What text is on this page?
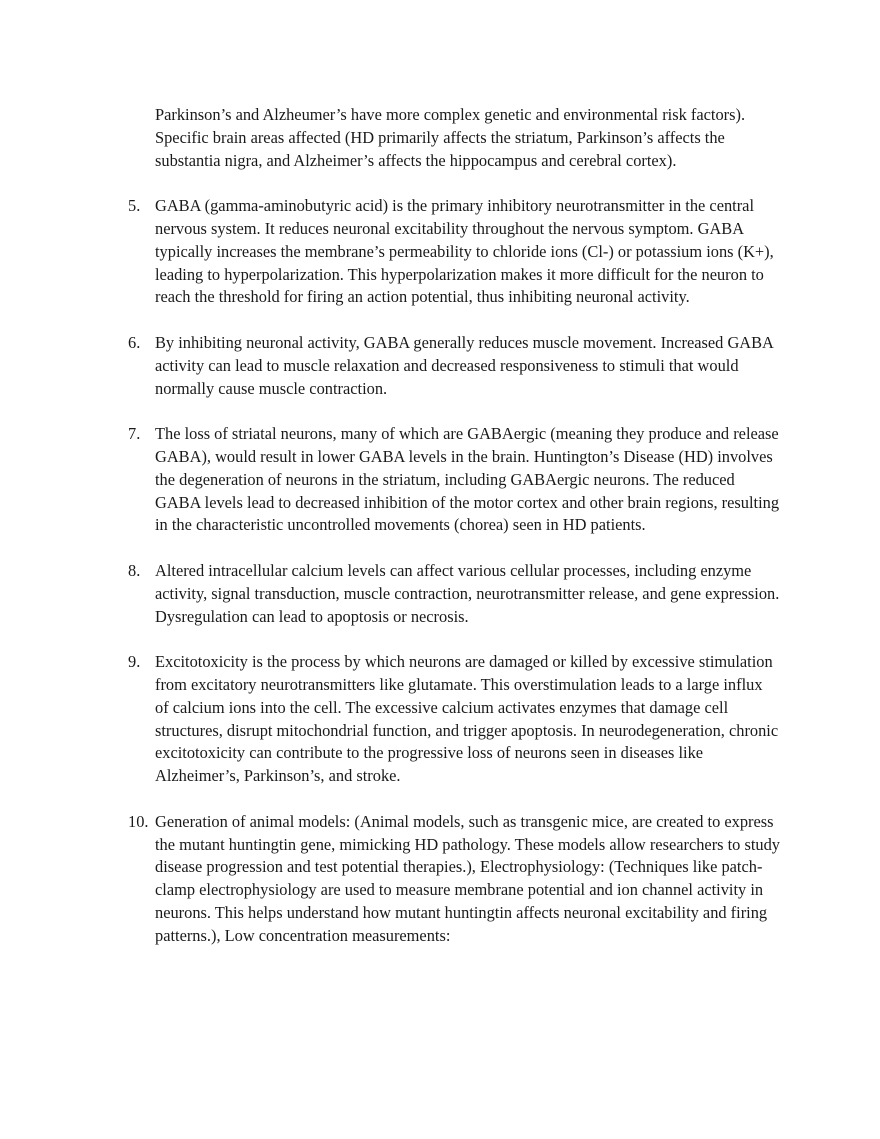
Parkinson’s and Alzheumer’s have more complex genetic and environmental risk factors). Specific brain areas affected (HD primarily affects the striatum, Parkinson’s affects the substantia nigra, and Alzheimer’s affects the hippocampus and cerebral cortex).

5. GABA (gamma-aminobutyric acid) is the primary inhibitory neurotransmitter in the central nervous system. It reduces neuronal excitability throughout the nervous symptom. GABA typically increases the membrane’s permeability to chloride ions (Cl-) or potassium ions (K+), leading to hyperpolarization. This hyperpolarization makes it more difficult for the neuron to reach the threshold for firing an action potential, thus inhibiting neuronal activity.

6. By inhibiting neuronal activity, GABA generally reduces muscle movement. Increased GABA activity can lead to muscle relaxation and decreased responsiveness to stimuli that would normally cause muscle contraction.

7. The loss of striatal neurons, many of which are GABAergic (meaning they produce and release GABA), would result in lower GABA levels in the brain. Huntington’s Disease (HD) involves the degeneration of neurons in the striatum, including GABAergic neurons. The reduced GABA levels lead to decreased inhibition of the motor cortex and other brain regions, resulting in the characteristic uncontrolled movements (chorea) seen in HD patients.

8. Altered intracellular calcium levels can affect various cellular processes, including enzyme activity, signal transduction, muscle contraction, neurotransmitter release, and gene expression. Dysregulation can lead to apoptosis or necrosis.

9. Excitotoxicity is the process by which neurons are damaged or killed by excessive stimulation from excitatory neurotransmitters like glutamate. This overstimulation leads to a large influx of calcium ions into the cell. The excessive calcium activates enzymes that damage cell structures, disrupt mitochondrial function, and trigger apoptosis. In neurodegeneration, chronic excitotoxicity can contribute to the progressive loss of neurons seen in diseases like Alzheimer’s, Parkinson’s, and stroke.

10. Generation of animal models: (Animal models, such as transgenic mice, are created to express the mutant huntingtin gene, mimicking HD pathology. These models allow researchers to study disease progression and test potential therapies.), Electrophysiology: (Techniques like patch-clamp electrophysiology are used to measure membrane potential and ion channel activity in neurons. This helps understand how mutant huntingtin affects neuronal excitability and firing patterns.), Low concentration measurements:
